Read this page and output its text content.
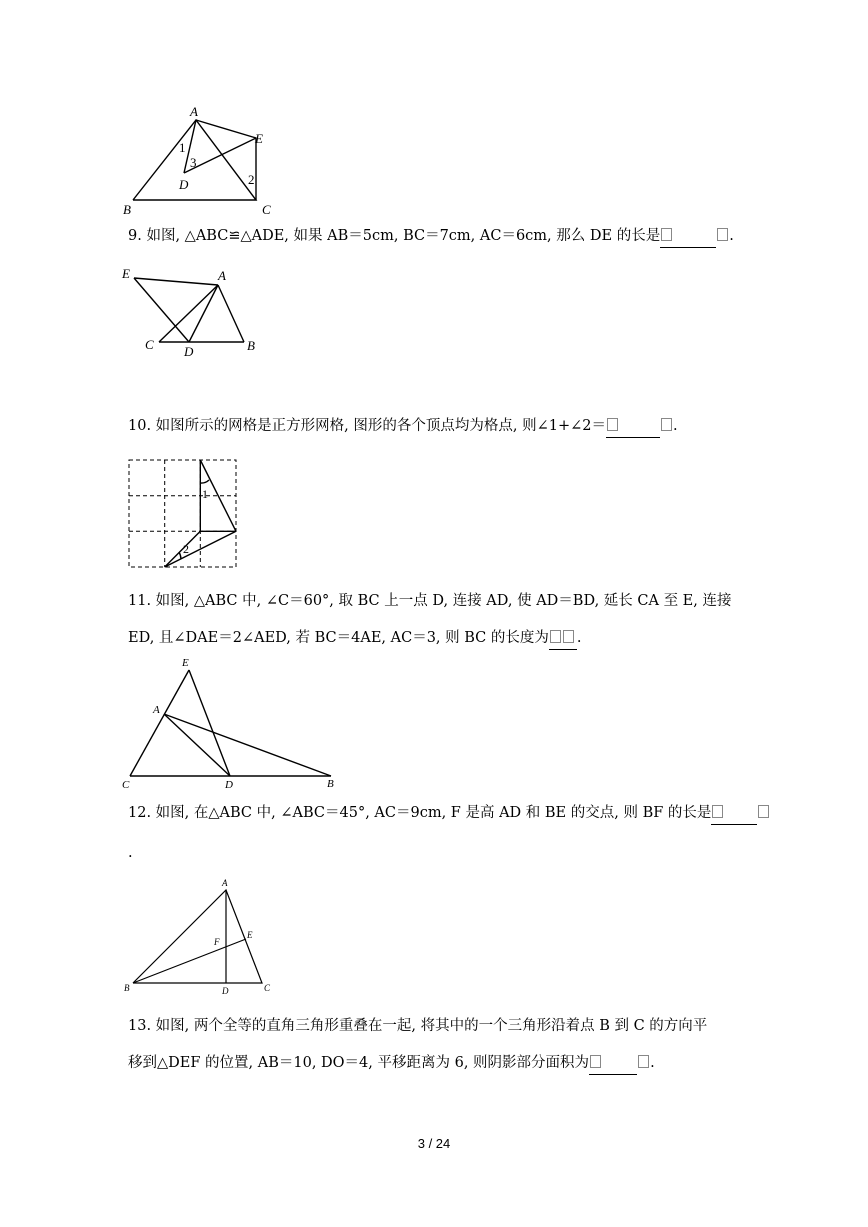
A
E
B	C
D
1
3
2
9. 如图, △ABC≌△ADE, 如果 AB＝5cm, BC＝7cm, AC＝6cm, 那么 DE 的长是	.
E	A
C D	B
10. 如图所示的网格是正方形网格, 图形的各个顶点均为格点, 则∠1+∠2＝	.
1
2
11. 如图, △ABC 中, ∠C＝60°, 取 BC 上一点 D, 连接 AD, 使 AD＝BD, 延长 CA 至 E, 连接
ED, 且∠DAE＝2∠AED, 若 BC＝4AE, AC＝3, 则 BC 的长度为 .
E
A
C	D	B
12. 如图, 在△ABC 中, ∠ABC＝45°, AC＝9cm, F 是高 AD 和 BE 的交点, 则 BF 的长是
.
A
E
F
B	D	C
13. 如图, 两个全等的直角三角形重叠在一起, 将其中的一个三角形沿着点 B 到 C 的方向平
移到△DEF 的位置, AB＝10, DO＝4, 平移距离为 6, 则阴影部分面积为	.
3 / 24
